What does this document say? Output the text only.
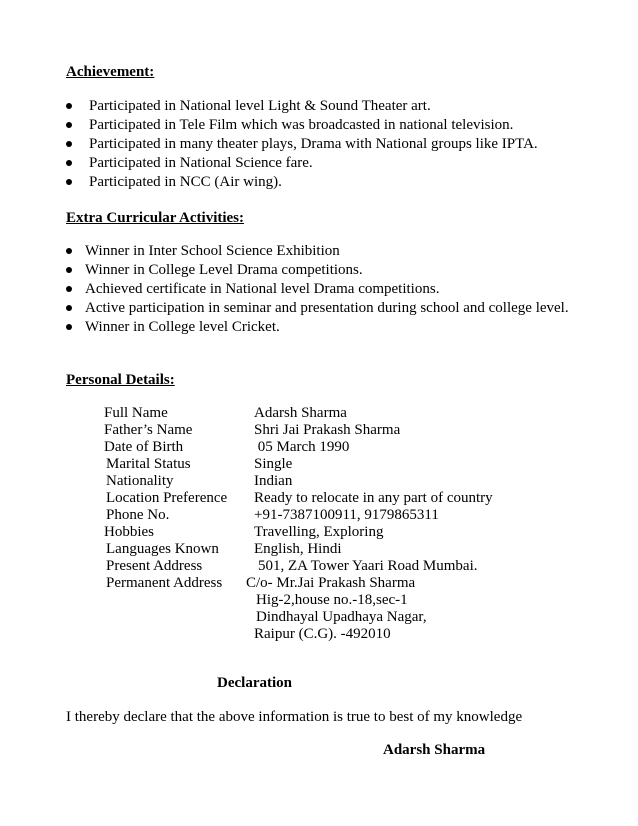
Achievement:
Participated in National level Light & Sound Theater art.
Participated in Tele Film which was broadcasted in national television.
Participated in many theater plays, Drama with National groups like IPTA.
Participated in National Science fare.
Participated in NCC (Air wing).
Extra Curricular Activities:
Winner in Inter School Science Exhibition
Winner in College Level Drama competitions.
Achieved certificate in National level Drama competitions.
Active participation in seminar and presentation during school and college level.
Winner in College level Cricket.
Personal Details:
Full Name	Adarsh Sharma
Father’s Name	Shri Jai Prakash Sharma
Date of Birth	05 March 1990
Marital Status	Single
Nationality	Indian
Location Preference Ready to relocate in any part of country
Phone No.	+91-7387100911, 9179865311
Hobbies	Travelling, Exploring
Languages Known English, Hindi
Present Address	501, ZA Tower Yaari Road Mumbai.
Permanent Address C/o- Mr.Jai Prakash Sharma
Hig-2,house no.-18,sec-1
Dindhayal Upadhaya Nagar,
Raipur (C.G). -492010
Declaration
I thereby declare that the above information is true to best of my knowledge
Adarsh Sharma
